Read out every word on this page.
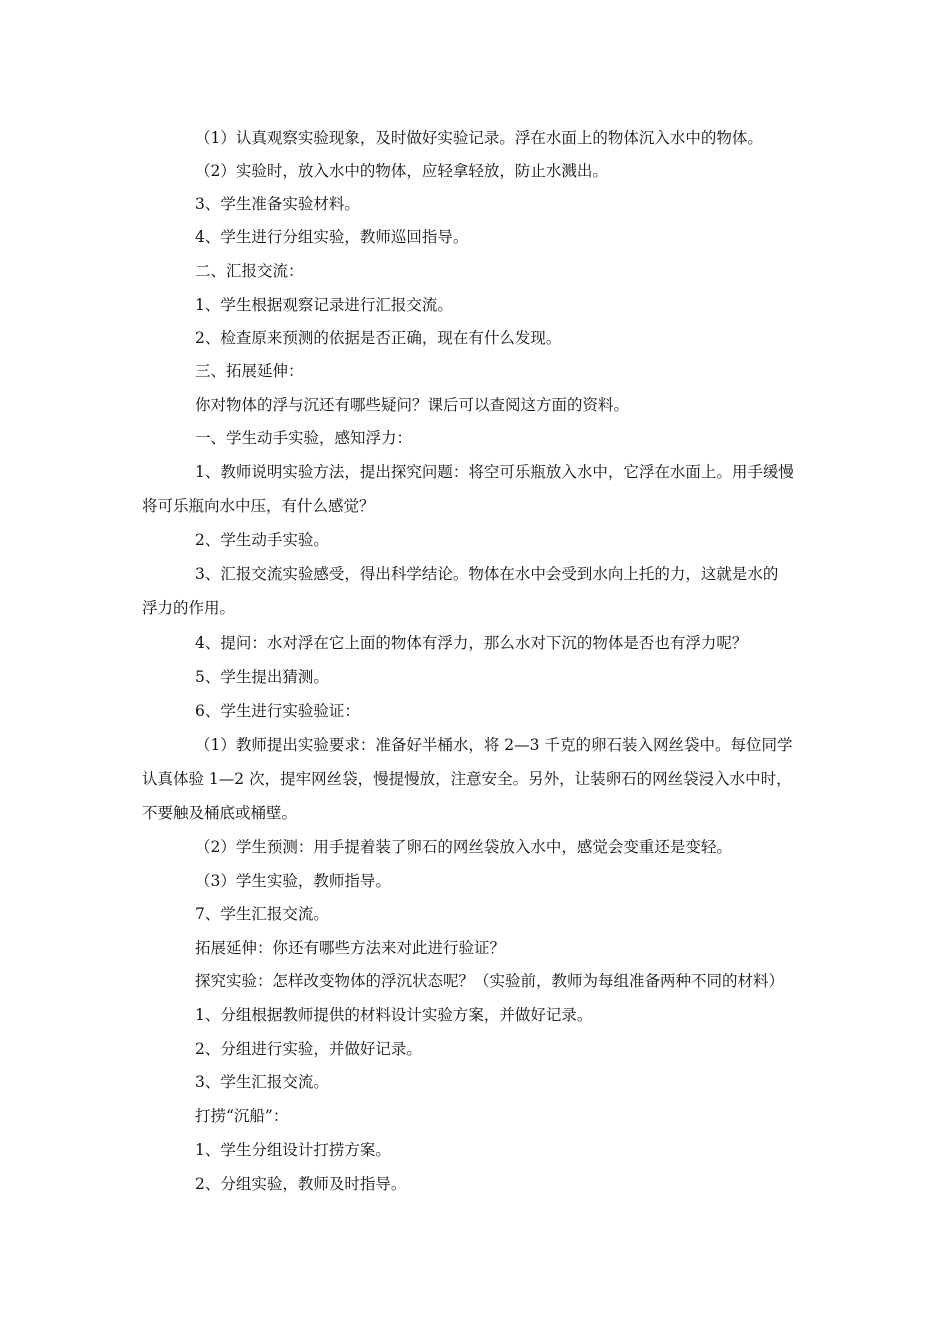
（1）认真观察实验现象，及时做好实验记录。浮在水面上的物体沉入水中的物体。

（2）实验时，放入水中的物体，应轻拿轻放，防止水溅出。

3、学生准备实验材料。

4、学生进行分组实验，教师巡回指导。

二、汇报交流：

1、学生根据观察记录进行汇报交流。

2、检查原来预测的依据是否正确，现在有什么发现。

三、拓展延伸：

你对物体的浮与沉还有哪些疑问？课后可以查阅这方面的资料。

一、学生动手实验，感知浮力：

1、教师说明实验方法，提出探究问题：将空可乐瓶放入水中，它浮在水面上。用手缓慢

将可乐瓶向水中压，有什么感觉？

2、学生动手实验。

3、汇报交流实验感受，得出科学结论。物体在水中会受到水向上托的力，这就是水的

浮力的作用。

4、提问：水对浮在它上面的物体有浮力，那么水对下沉的物体是否也有浮力呢？

5、学生提出猜测。

6、学生进行实验验证：

（1）教师提出实验要求：准备好半桶水，将 2—3 千克的卵石装入网丝袋中。每位同学

认真体验 1—2 次，提牢网丝袋，慢提慢放，注意安全。另外，让装卵石的网丝袋浸入水中时，

不要触及桶底或桶壁。

（2）学生预测：用手提着装了卵石的网丝袋放入水中，感觉会变重还是变轻。

（3）学生实验，教师指导。

7、学生汇报交流。

拓展延伸：你还有哪些方法来对此进行验证？

探究实验：怎样改变物体的浮沉状态呢？（实验前，教师为每组准备两种不同的材料）

1、分组根据教师提供的材料设计实验方案，并做好记录。

2、分组进行实验，并做好记录。

3、学生汇报交流。

打捞“沉船”：

1、学生分组设计打捞方案。

2、分组实验，教师及时指导。
